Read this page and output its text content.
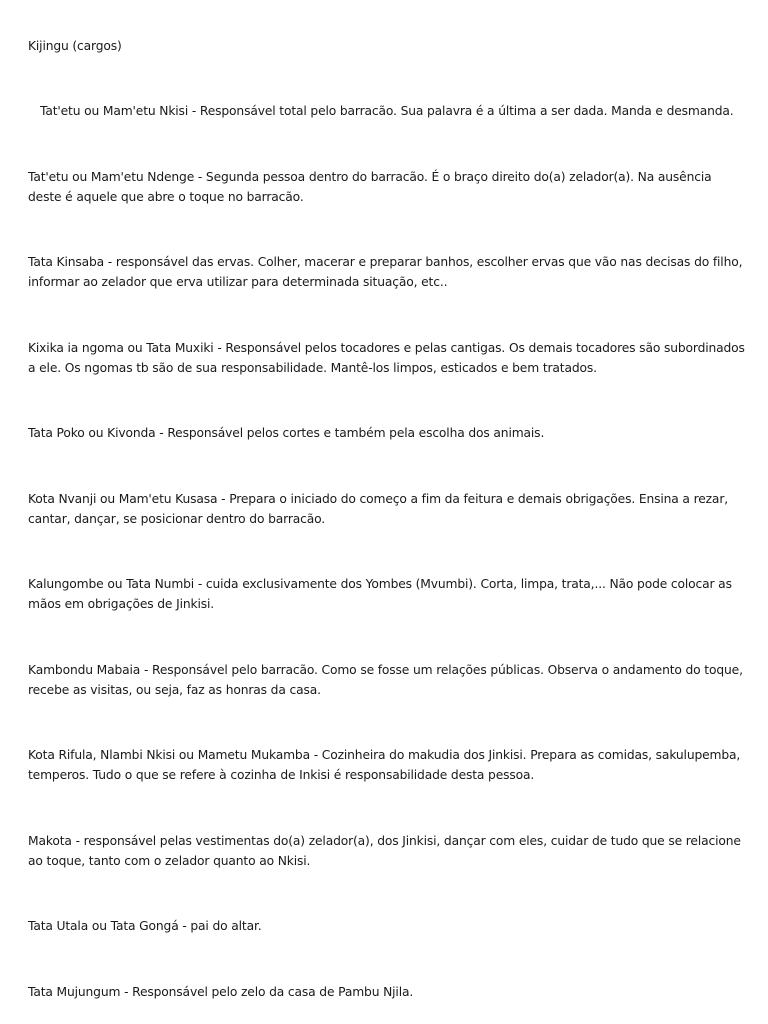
Kijingu (cargos)
Tat'etu ou Mam'etu Nkisi - Responsável total pelo barracão. Sua palavra é a última a ser dada. Manda e desmanda.
Tat'etu ou Mam'etu Ndenge - Segunda pessoa dentro do barracão. É o braço direito do(a) zelador(a). Na ausência deste é aquele que abre o toque no barracão.
Tata Kinsaba - responsável das ervas. Colher, macerar e preparar banhos, escolher ervas que vão nas decisas do filho, informar ao zelador que erva utilizar para determinada situação, etc..
Kixika ia ngoma ou Tata Muxiki - Responsável pelos tocadores e pelas cantigas. Os demais tocadores são subordinados a ele. Os ngomas tb são de sua responsabilidade. Mantê-los limpos, esticados e bem tratados.
Tata Poko ou Kivonda - Responsável pelos cortes e também pela escolha dos animais.
Kota Nvanji ou Mam'etu Kusasa - Prepara o iniciado do começo a fim da feitura e demais obrigações. Ensina a rezar, cantar, dançar, se posicionar dentro do barracão.
Kalungombe ou Tata Numbi - cuida exclusivamente dos Yombes (Mvumbi). Corta, limpa, trata,... Não pode colocar as mãos em obrigações de Jinkisi.
Kambondu Mabaia - Responsável pelo barracão. Como se fosse um relações públicas. Observa o andamento do toque, recebe as visitas, ou seja, faz as honras da casa.
Kota Rifula, Nlambi Nkisi ou Mametu Mukamba - Cozinheira do makudia dos Jinkisi. Prepara as comidas, sakulupemba, temperos. Tudo o que se refere à cozinha de Inkisi é responsabilidade desta pessoa.
Makota - responsável pelas vestimentas do(a) zelador(a), dos Jinkisi, dançar com eles, cuidar de tudo que se relacione ao toque, tanto com o zelador quanto ao Nkisi.
Tata Utala ou Tata Gongá - pai do altar.
Tata Mujungum - Responsável pelo zelo da casa de Pambu Njila.
